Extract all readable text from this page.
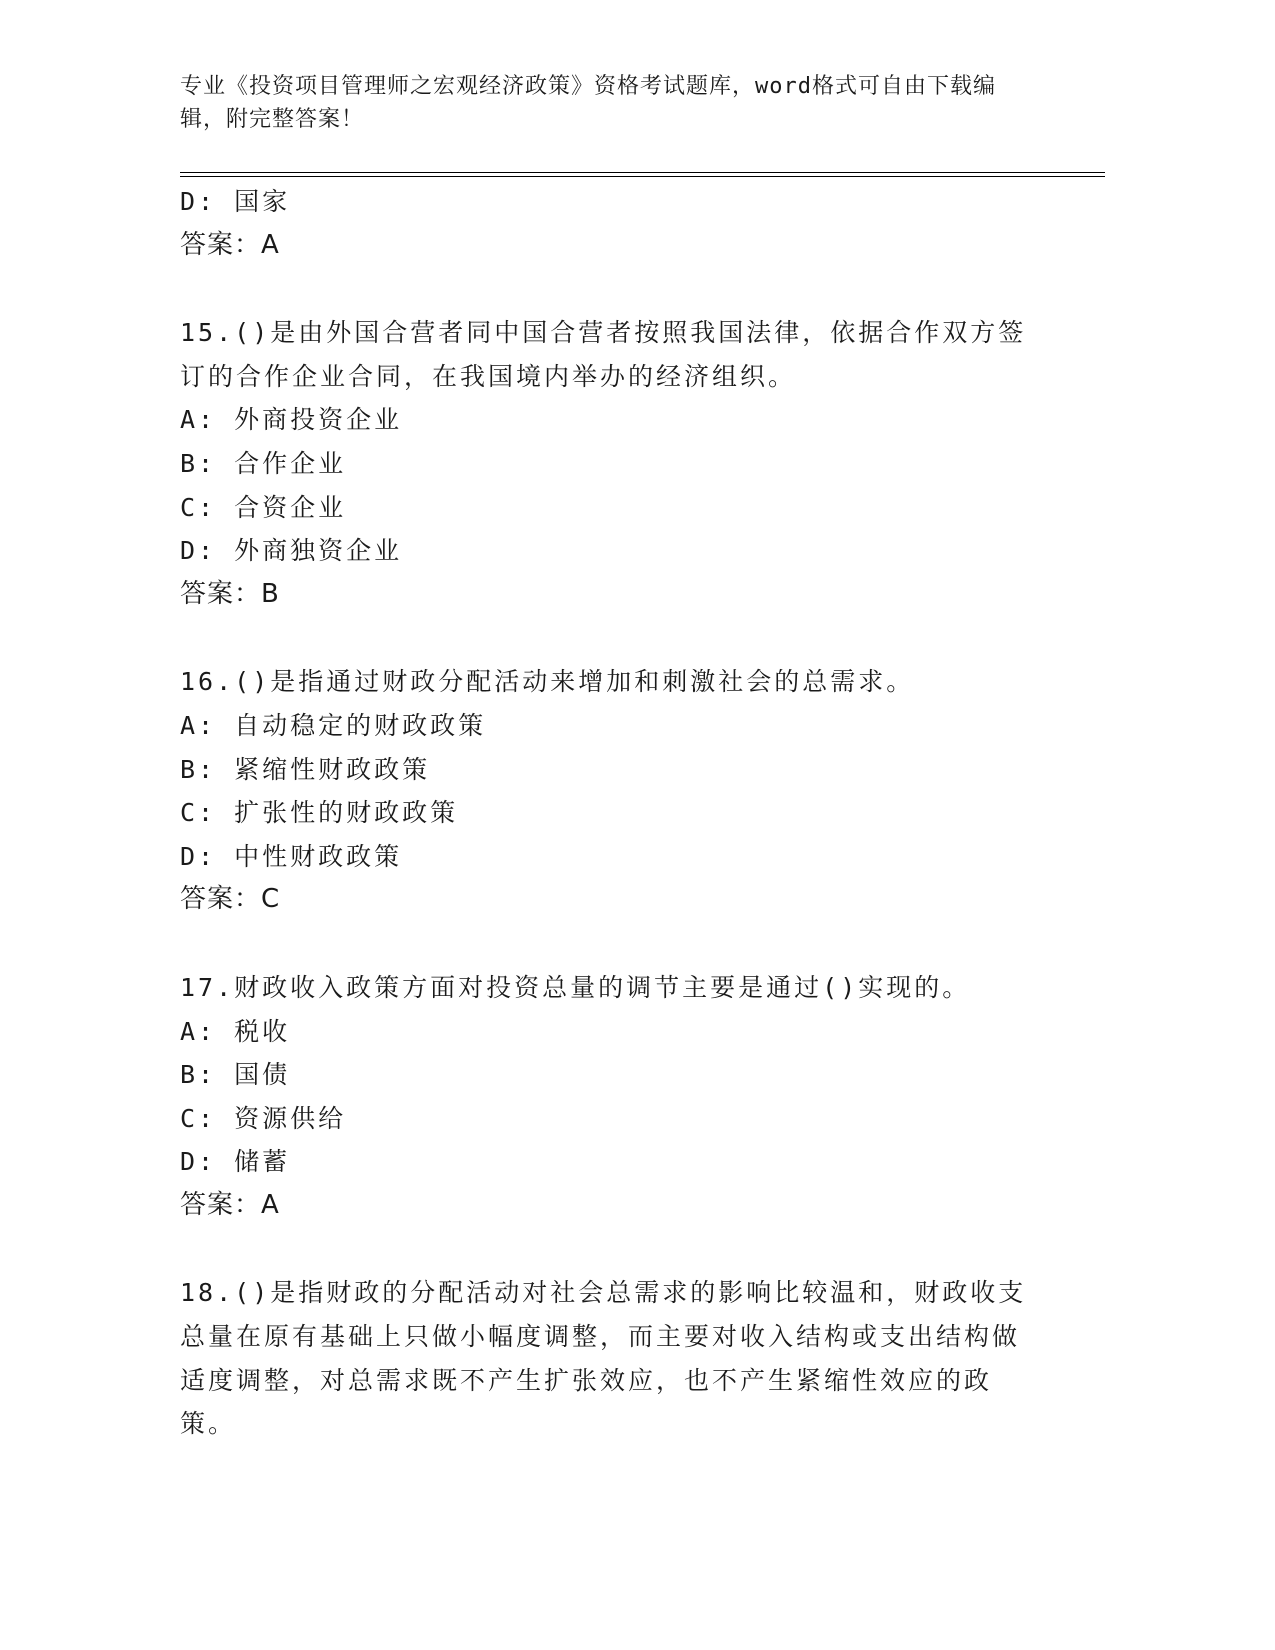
专业《投资项目管理师之宏观经济政策》资格考试题库，word格式可自由下载编辑，附完整答案！
D: 国家
答案：A
15.()是由外国合营者同中国合营者按照我国法律，依据合作双方签订的合作企业合同，在我国境内举办的经济组织。
A: 外商投资企业
B: 合作企业
C: 合资企业
D: 外商独资企业
答案：B
16.()是指通过财政分配活动来增加和刺激社会的总需求。
A: 自动稳定的财政政策
B: 紧缩性财政政策
C: 扩张性的财政政策
D: 中性财政政策
答案：C
17.财政收入政策方面对投资总量的调节主要是通过()实现的。
A: 税收
B: 国债
C: 资源供给
D: 储蓄
答案：A
18.()是指财政的分配活动对社会总需求的影响比较温和，财政收支总量在原有基础上只做小幅度调整，而主要对收入结构或支出结构做适度调整，对总需求既不产生扩张效应，也不产生紧缩性效应的政策。
